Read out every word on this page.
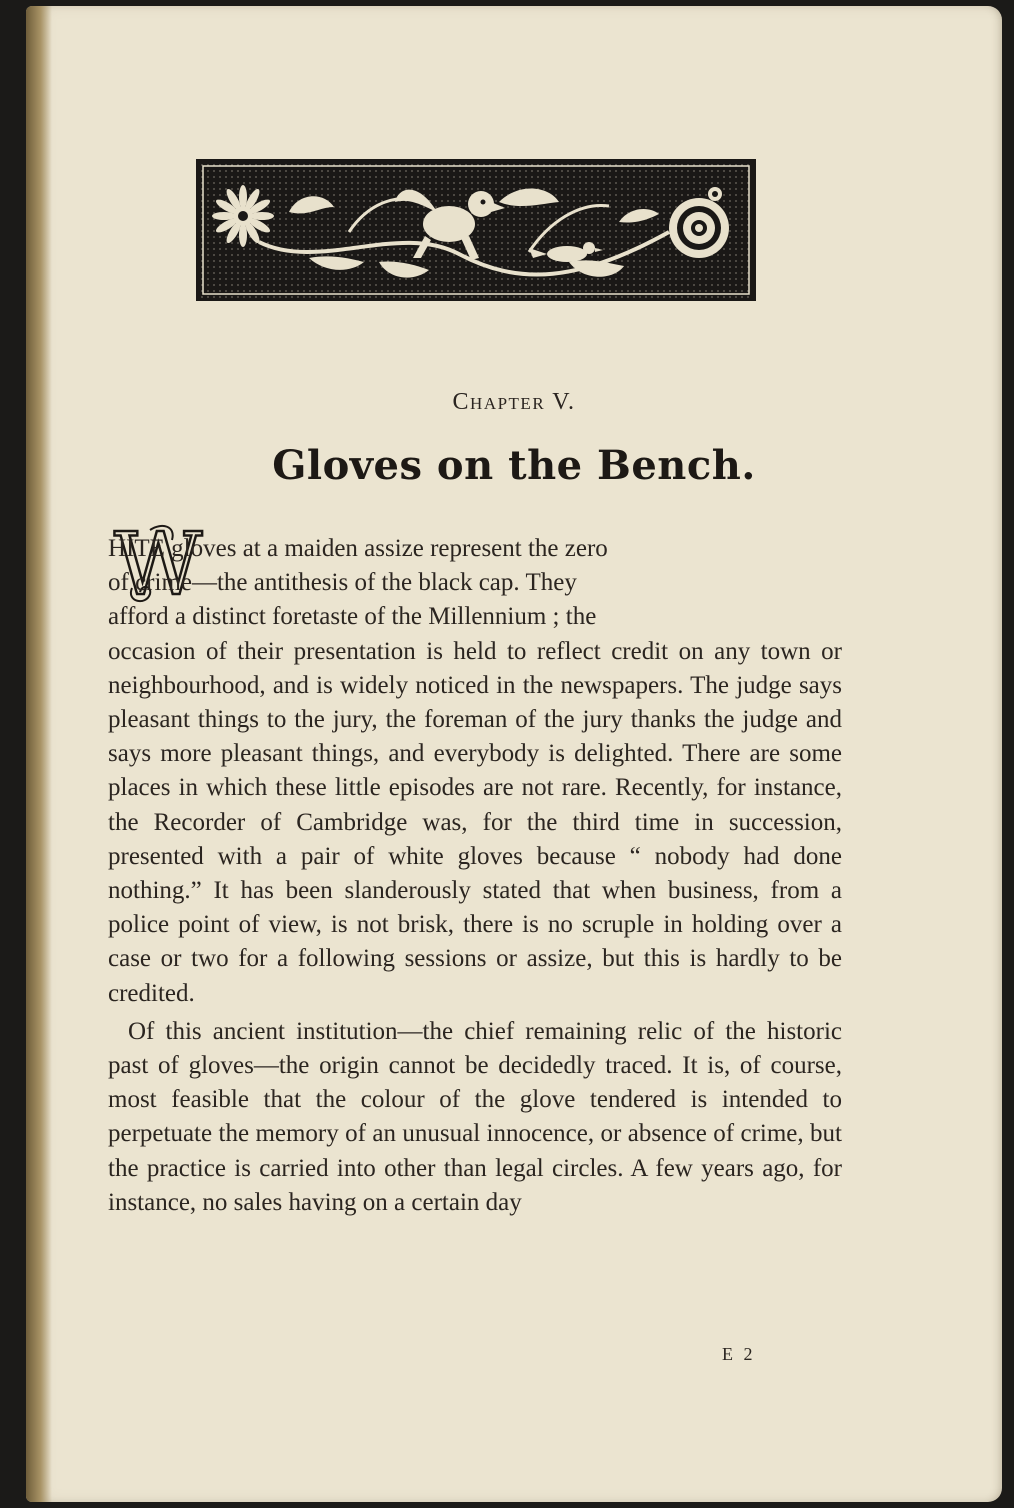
Chapter V.
Gloves on the Bench.
W

HITE gloves at a maiden assize represent the zero
of crime—the antithesis of the black cap. They
afford a distinct foretaste of the Millennium ; the

occasion of their presentation is held to reflect credit on any town or neighbourhood, and is widely noticed in the newspapers. The judge says pleasant things to the jury, the foreman of the jury thanks the judge and says more pleasant things, and everybody is delighted. There are some places in which these little episodes are not rare. Recently, for instance, the Recorder of Cambridge was, for the third time in succession, presented with a pair of white gloves because “ nobody had done nothing.” It has been slanderously stated that when business, from a police point of view, is not brisk, there is no scruple in holding over a case or two for a following sessions or assize, but this is hardly to be credited.

Of this ancient institution—the chief remaining relic of the historic past of gloves—the origin cannot be decidedly traced. It is, of course, most feasible that the colour of the glove tendered is intended to perpetuate the memory of an unusual innocence, or absence of crime, but the practice is carried into other than legal circles. A few years ago, for instance, no sales having on a certain day

E 2
